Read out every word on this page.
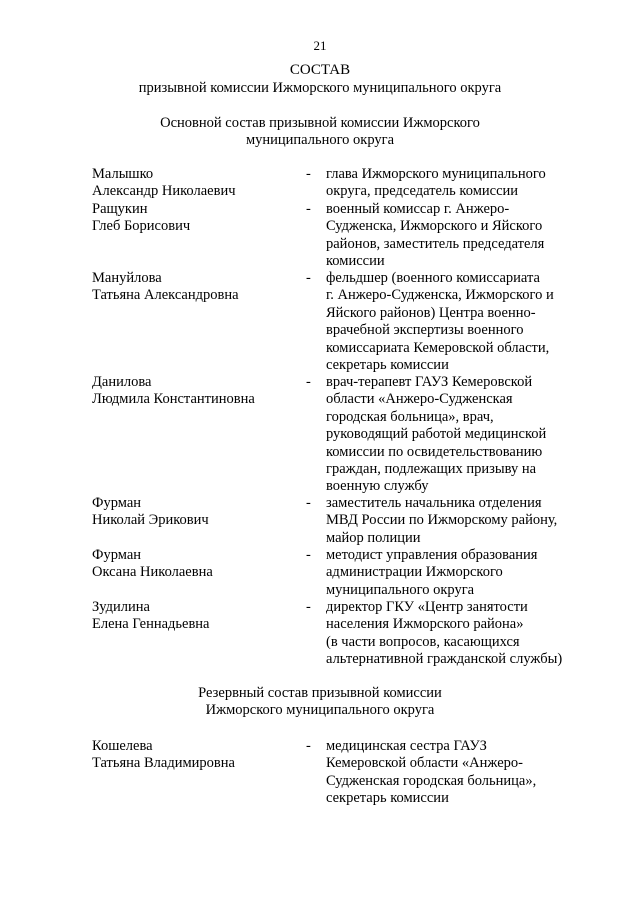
21
СОСТАВ
призывной комиссии Ижморского муниципального округа
Основной состав призывной комиссии Ижморского
муниципального округа
Малышко
Александр Николаевич
- глава Ижморского муниципального
округа, председатель комиссии
Ращукин
Глеб Борисович
- военный комиссар г. Анжеро-
Судженска, Ижморского и Яйского
районов, заместитель председателя
комиссии
Мануйлова
Татьяна Александровна
- фельдшер (военного комиссариата
г. Анжеро-Судженска, Ижморского и
Яйского районов) Центра военно-
врачебной экспертизы военного
комиссариата Кемеровской области,
секретарь комиссии
Данилова
Людмила Константиновна
- врач-терапевт ГАУЗ Кемеровской
области «Анжеро-Судженская
городская больница», врач,
руководящий работой медицинской
комиссии по освидетельствованию
граждан, подлежащих призыву на
военную службу
Фурман
Николай Эрикович
- заместитель начальника отделения
МВД России по Ижморскому району,
майор полиции
Фурман
Оксана Николаевна
- методист управления образования
администрации Ижморского
муниципального округа
Зудилина
Елена Геннадьевна
- директор ГКУ «Центр занятости
населения Ижморского района»
(в части вопросов, касающихся
альтернативной гражданской службы)
Резервный состав призывной комиссии
Ижморского муниципального округа
Кошелева
Татьяна Владимировна
- медицинская сестра ГАУЗ
Кемеровской области «Анжеро-
Судженская городская больница»,
секретарь комиссии
